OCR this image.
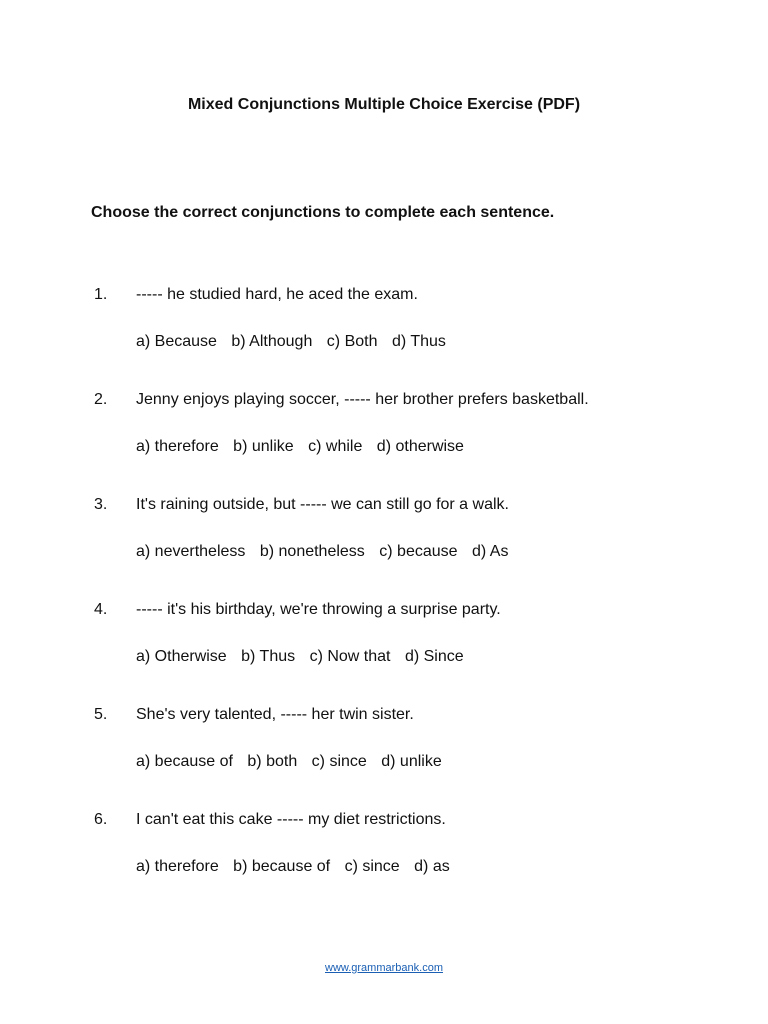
Mixed Conjunctions Multiple Choice Exercise (PDF)
Choose the correct conjunctions to complete each sentence.
1. ----- he studied hard, he aced the exam.
a) Because b) Although c) Both d) Thus
2. Jenny enjoys playing soccer, ----- her brother prefers basketball.
a) therefore b) unlike c) while d) otherwise
3. It's raining outside, but ----- we can still go for a walk.
a) nevertheless b) nonetheless c) because d) As
4. ----- it's his birthday, we're throwing a surprise party.
a) Otherwise b) Thus c) Now that d) Since
5. She's very talented, ----- her twin sister.
a) because of b) both c) since d) unlike
6. I can't eat this cake ----- my diet restrictions.
a) therefore b) because of c) since d) as
www.grammarbank.com
